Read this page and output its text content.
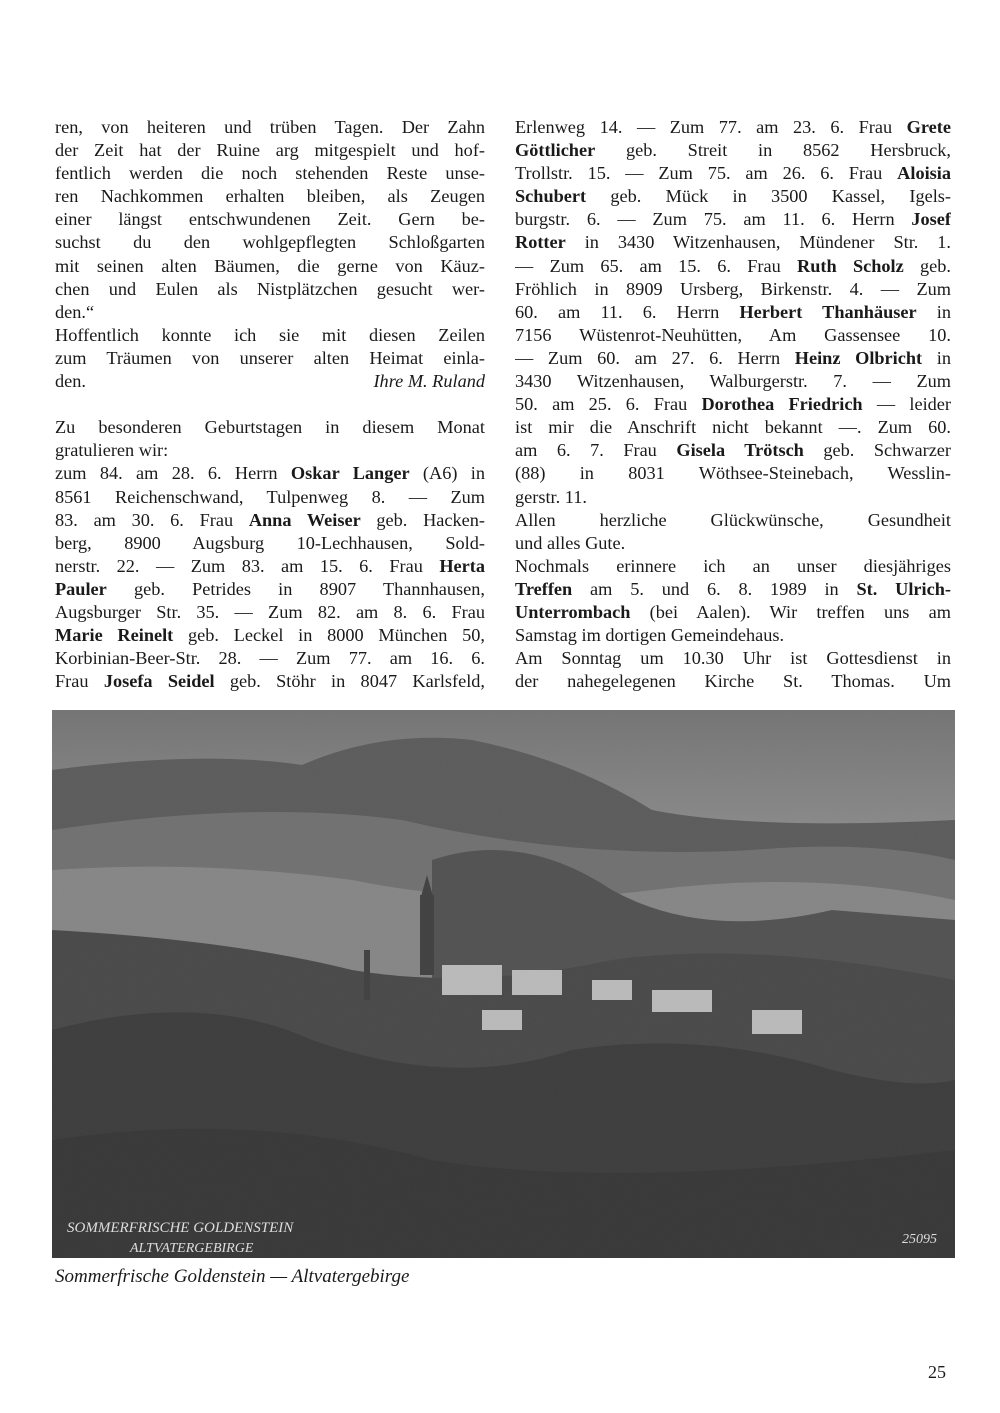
ren, von heiteren und trüben Tagen. Der Zahn
der Zeit hat der Ruine arg mitgespielt und hof-
fentlich werden die noch stehenden Reste unse-
ren Nachkommen erhalten bleiben, als Zeugen
einer längst entschwundenen Zeit. Gern be-
suchst du den wohlgepflegten Schloßgarten
mit seinen alten Bäumen, die gerne von Käuz-
chen und Eulen als Nistplätzchen gesucht wer-
den.“
Hoffentlich konnte ich sie mit diesen Zeilen
zum Träumen von unserer alten Heimat einla-
den.	Ihre M. Ruland
Zu besonderen Geburtstagen in diesem Monat
gratulieren wir:
zum 84. am 28. 6. Herrn Oskar Langer (A6) in
8561 Reichenschwand, Tulpenweg 8. — Zum
83. am 30. 6. Frau Anna Weiser geb. Hacken-
berg, 8900 Augsburg 10-Lechhausen, Sold-
nerstr. 22. — Zum 83. am 15. 6. Frau Herta
Pauler geb. Petrides in 8907 Thannhausen,
Augsburger Str. 35. — Zum 82. am 8. 6. Frau
Marie Reinelt geb. Leckel in 8000 München 50,
Korbinian-Beer-Str. 28. — Zum 77. am 16. 6.
Frau Josefa Seidel geb. Stöhr in 8047 Karlsfeld,
Erlenweg 14. — Zum 77. am 23. 6. Frau Grete
Göttlicher geb. Streit in 8562 Hersbruck,
Trollstr. 15. — Zum 75. am 26. 6. Frau Aloisia
Schubert geb. Mück in 3500 Kassel, Igels-
burgstr. 6. — Zum 75. am 11. 6. Herrn Josef
Rotter in 3430 Witzenhausen, Mündener Str. 1.
— Zum 65. am 15. 6. Frau Ruth Scholz geb.
Fröhlich in 8909 Ursberg, Birkenstr. 4. — Zum
60. am 11. 6. Herrn Herbert Thanhäuser in
7156 Wüstenrot-Neuhütten, Am Gassensee 10.
— Zum 60. am 27. 6. Herrn Heinz Olbricht in
3430 Witzenhausen, Walburgerstr. 7. — Zum
50. am 25. 6. Frau Dorothea Friedrich — leider
ist mir die Anschrift nicht bekannt —. Zum 60.
am 6. 7. Frau Gisela Trötsch geb. Schwarzer
(88) in 8031 Wöthsee-Steinebach, Wesslin-
gerstr. 11.
Allen herzliche Glückwünsche, Gesundheit
und alles Gute.
Nochmals erinnere ich an unser diesjähriges
Treffen am 5. und 6. 8. 1989 in St. Ulrich-
Unterrombach (bei Aalen). Wir treffen uns am
Samstag im dortigen Gemeindehaus.
Am Sonntag um 10.30 Uhr ist Gottesdienst in
der nahegelegenen Kirche St. Thomas. Um
SOMMERFRISCHE GOLDENSTEIN
ALTVATERGEBIRGE
25095
Sommerfrische Goldenstein — Altvatergebirge
25
